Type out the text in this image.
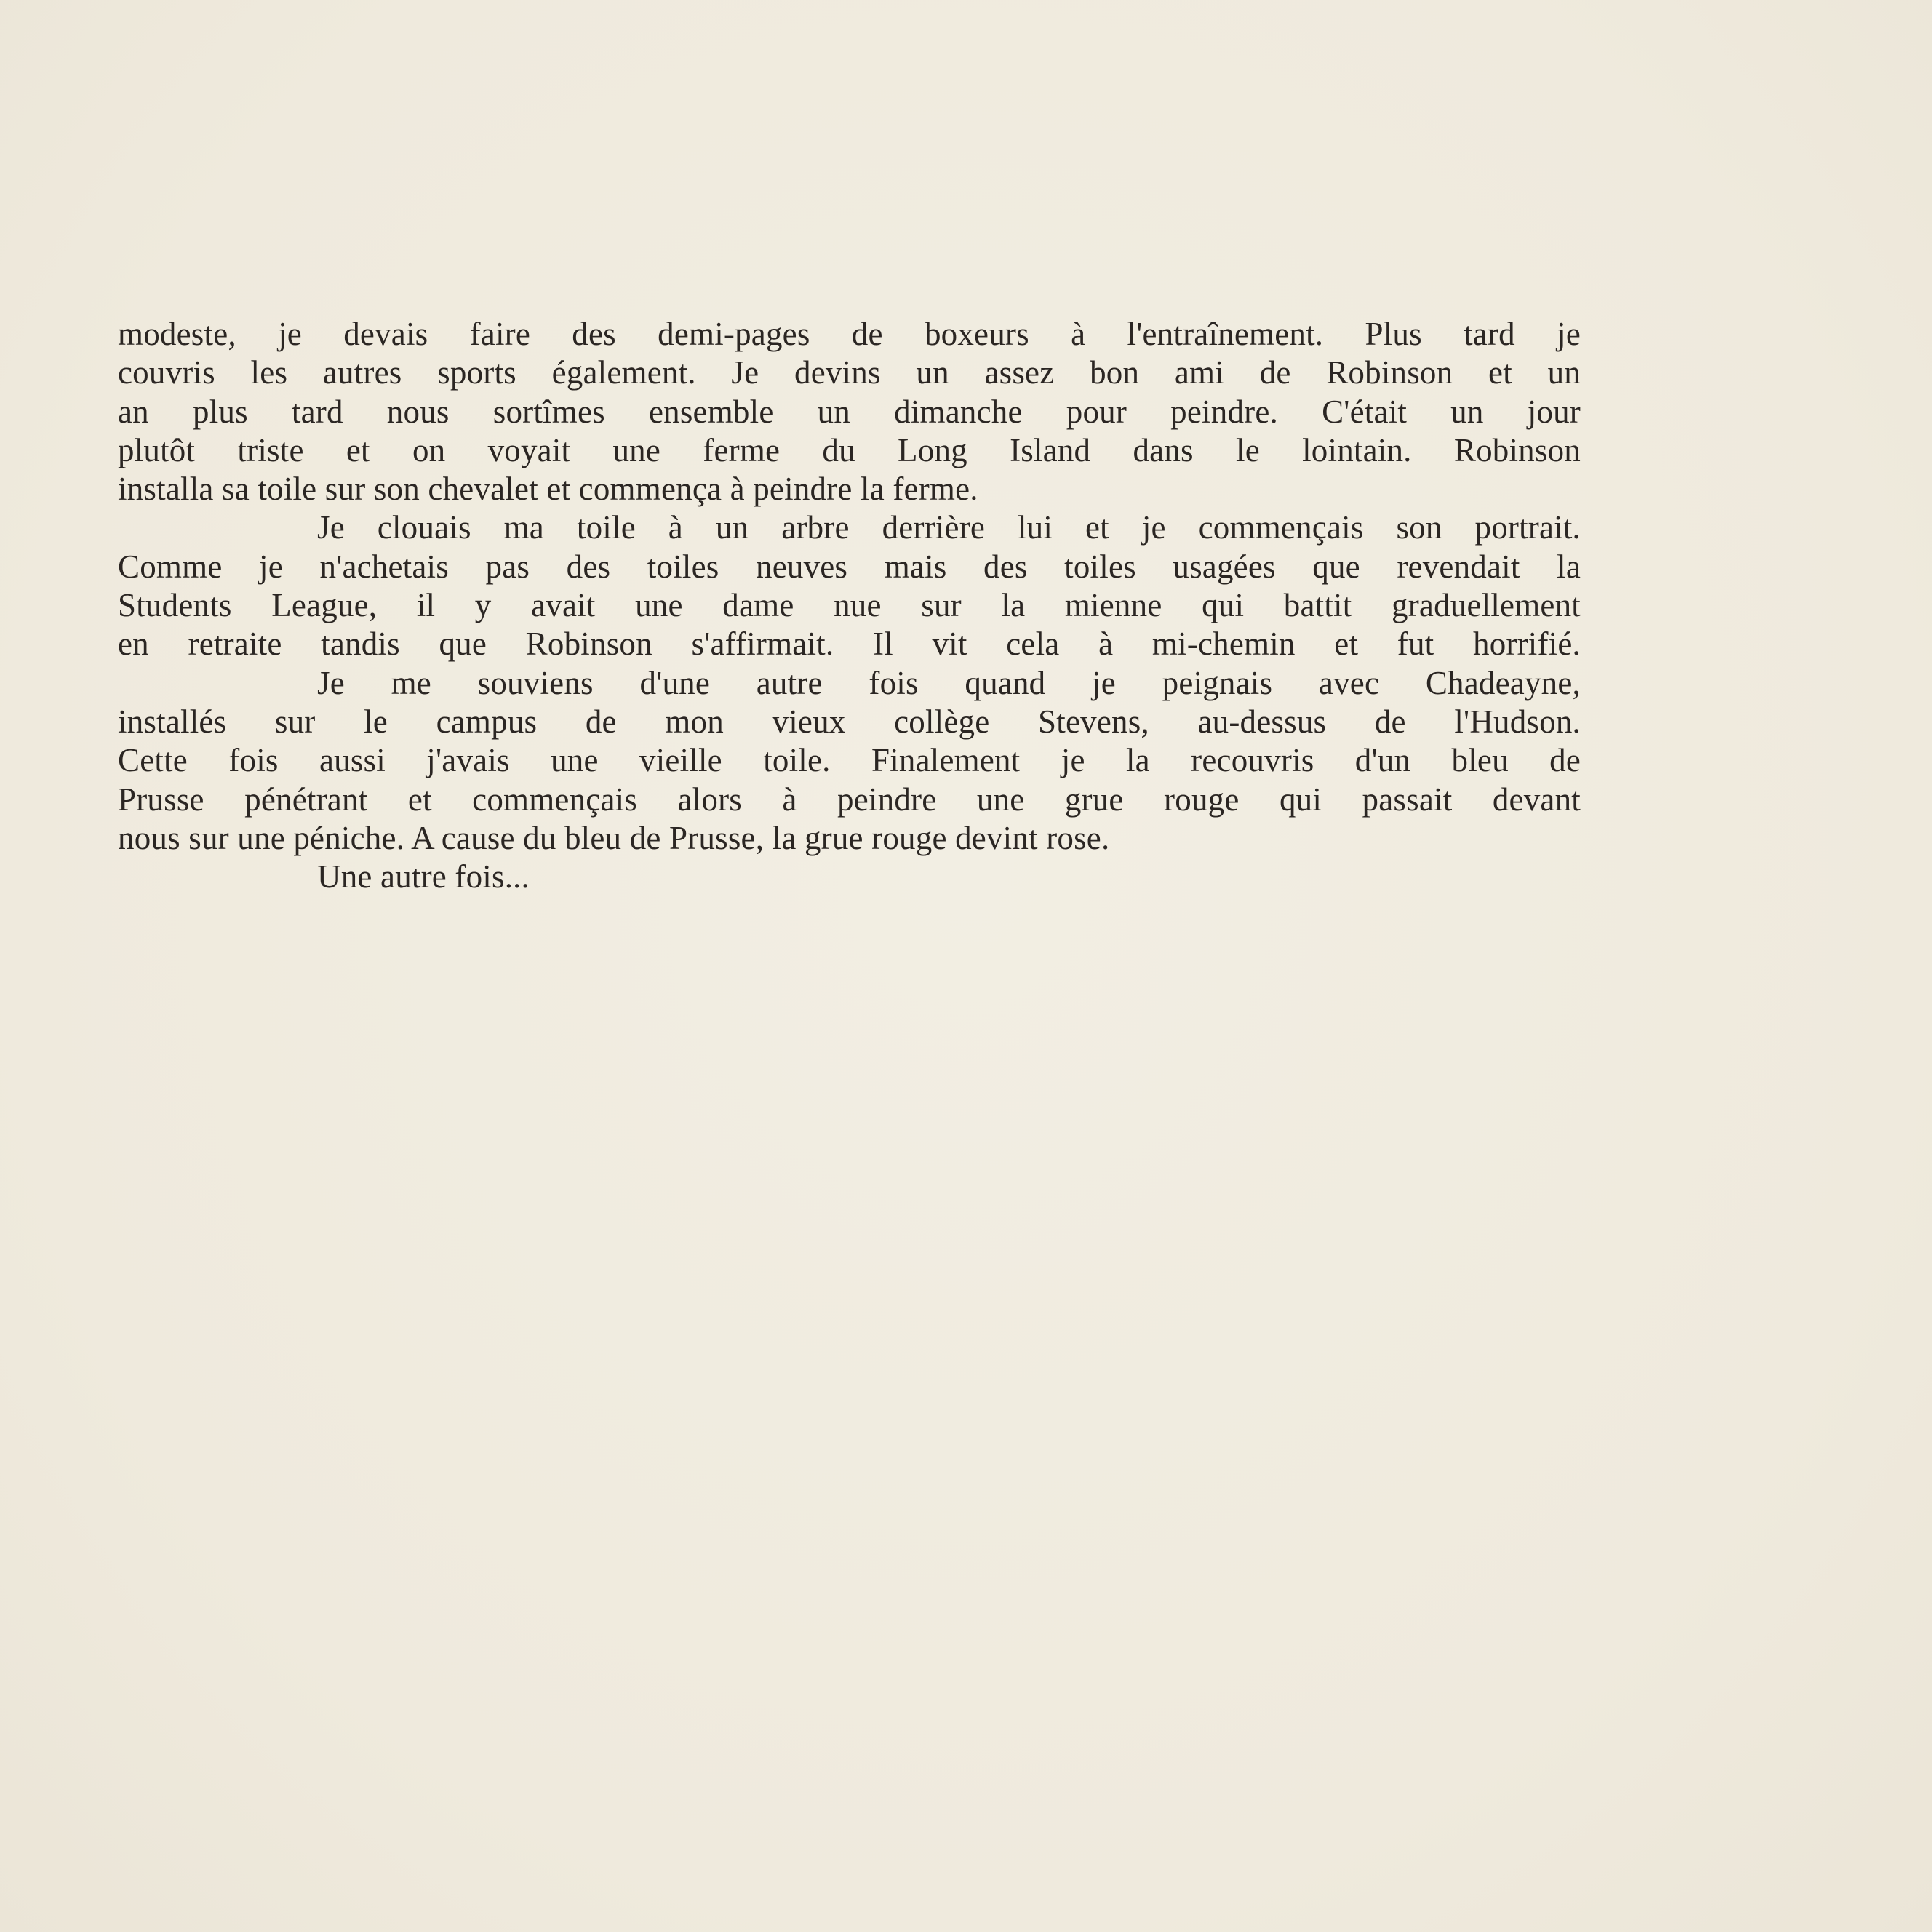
modeste, je devais faire des demi-pages de boxeurs à l'entraînement. Plus tard je
couvris les autres sports également. Je devins un assez bon ami de Robinson et un
an plus tard nous sortîmes ensemble un dimanche pour peindre. C'était un jour
plutôt triste et on voyait une ferme du Long Island dans le lointain. Robinson
installa sa toile sur son chevalet et commença à peindre la ferme.
Je clouais ma toile à un arbre derrière lui et je commençais son portrait.
Comme je n'achetais pas des toiles neuves mais des toiles usagées que revendait la
Students League, il y avait une dame nue sur la mienne qui battit graduellement
en retraite tandis que Robinson s'affirmait. Il vit cela à mi-chemin et fut horrifié.
Je me souviens d'une autre fois quand je peignais avec Chadeayne,
installés sur le campus de mon vieux collège Stevens, au-dessus de l'Hudson.
Cette fois aussi j'avais une vieille toile. Finalement je la recouvris d'un bleu de
Prusse pénétrant et commençais alors à peindre une grue rouge qui passait devant
nous sur une péniche. A cause du bleu de Prusse, la grue rouge devint rose.
Une autre fois...
